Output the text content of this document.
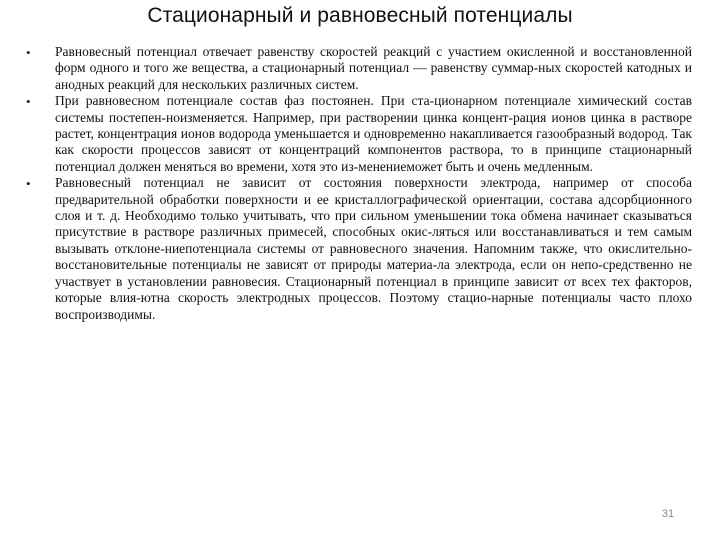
Стационарный и равновесный потенциалы
• Равновесный потенциал отвечает равенству скоростей реакций с участием окисленной и восстановленной форм одного и того же вещества, а стационарный потенциал — равенству суммар-ных скоростей катодных и анодных реакций для нескольких различных систем.
• При равновесном потенциале состав фаз постоянен. При ста-ционарном потенциале химический состав системы постепен-ноизменяется. Например, при растворении цинка концент-рация ионов цинка в растворе растет, концентрация ионов водорода уменьшается и одновременно накапливается газообразный водород. Так как скорости процессов зависят от концентраций компонентов раствора, то в принципе стационарный потенциал должен меняться во времени, хотя это из-менениеможет быть и очень медленным.
• Равновесный потенциал не зависит от состояния поверхности электрода, например от способа предварительной обработки поверхности и ее кристаллографической ориентации, состава адсорбционного слоя и т. д. Необходимо только учитывать, что при сильном уменьшении тока обмена начинает сказываться присутствие в растворе различных примесей, способных окис-ляться или восстанавливаться и тем самым вызывать отклоне-ниепотенциала системы от равновесного значения. Напомним также, что окислительно-восстановительные потенциалы не зависят от природы материа-ла электрода, если он непо-средственно не участвует в установлении равновесия. Стационарный потенциал в принципе зависит от всех тех факторов, которые влия-ютна скорость электродных процессов. Поэтому стацио-нарные потенциалы часто плохо воспроизводимы.
31
